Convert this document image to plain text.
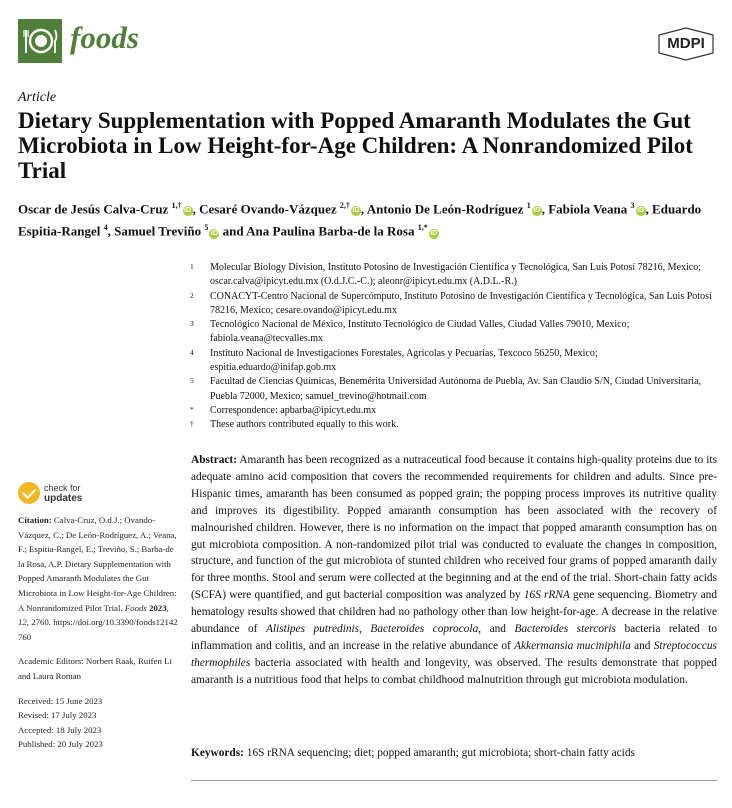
foods	MDPI
Article
Dietary Supplementation with Popped Amaranth Modulates the Gut Microbiota in Low Height-for-Age Children: A Nonrandomized Pilot Trial
Oscar de Jesús Calva-Cruz $^{1,\dagger}$iD , Cesaré Ovando-Vázquez $^{2,\dagger}$iD , Antonio De León-Rodríguez $^1$iD , Fabiola Veana $^3$iD , Eduardo Espitia-Rangel $^4$, Samuel Treviño $^5$iD and Ana Paulina Barba-de la Rosa $^{1,*}$iD
1 Molecular Biology Division, Instituto Potosino de Investigación Científica y Tecnológica, San Luis Potosí 78216, Mexico; oscar.calva@ipicyt.edu.mx (O.d.J.C.-C.); aleonr@ipicyt.edu.mx (A.D.L.-R.)
2 CONACYT-Centro Nacional de Supercómputo, Instituto Potosino de Investigación Científica y Tecnológica, San Luis Potosí 78216, Mexico; cesare.ovando@ipicyt.edu.mx
3 Tecnológico Nacional de México, Instituto Tecnológico de Ciudad Valles, Ciudad Valles 79010, Mexico; fabiola.veana@tecvalles.mx
4 Instituto Nacional de Investigaciones Forestales, Agrícolas y Pecuarias, Texcoco 56250, Mexico; espitia.eduardo@inifap.gob.mx
5 Facultad de Ciencias Químicas, Benemérita Universidad Autónoma de Puebla, Av. San Claudio S/N, Ciudad Universitaria, Puebla 72000, Mexico; samuel_trevino@hotmail.com
* Correspondence: apbarba@ipicyt.edu.mx
† These authors contributed equally to this work.
check for
updates
Citation: Calva-Cruz, O.d.J.; Ovando-Vázquez, C.; De León-Rodríguez, A.; Veana, F.; Espitia-Rangel, E.; Treviño, S.; Barba-de la Rosa, A.P. Dietary Supplementation with Popped Amaranth Modulates the Gut Microbiota in Low Height-for-Age Children: A Nonrandomized Pilot Trial. Foods 2023, 12, 2760. https://doi.org/10.3390/foods12142760
Academic Editors: Norbert Raak, Ruifen Li and Laura Roman
Received: 15 June 2023
Revised: 17 July 2023
Accepted: 18 July 2023
Published: 20 July 2023
Abstract: Amaranth has been recognized as a nutraceutical food because it contains high-quality proteins due to its adequate amino acid composition that covers the recommended requirements for children and adults. Since pre-Hispanic times, amaranth has been consumed as popped grain; the popping process improves its nutritive quality and improves its digestibility. Popped amaranth consumption has been associated with the recovery of malnourished children. However, there is no information on the impact that popped amaranth consumption has on gut microbiota composition. A non-randomized pilot trial was conducted to evaluate the changes in composition, structure, and function of the gut microbiota of stunted children who received four grams of popped amaranth daily for three months. Stool and serum were collected at the beginning and at the end of the trial. Short-chain fatty acids (SCFA) were quantified, and gut bacterial composition was analyzed by 16S rRNA gene sequencing. Biometry and hematology results showed that children had no pathology other than low height-for-age. A decrease in the relative abundance of Alistipes putredinis, Bacteroides coprocola, and Bacteroides stercoris bacteria related to inflammation and colitis, and an increase in the relative abundance of Akkermansia muciniphila and Streptococcus thermophiles bacteria associated with health and longevity, was observed. The results demonstrate that popped amaranth is a nutritious food that helps to combat childhood malnutrition through gut microbiota modulation.
Keywords: 16S rRNA sequencing; diet; popped amaranth; gut microbiota; short-chain fatty acids
